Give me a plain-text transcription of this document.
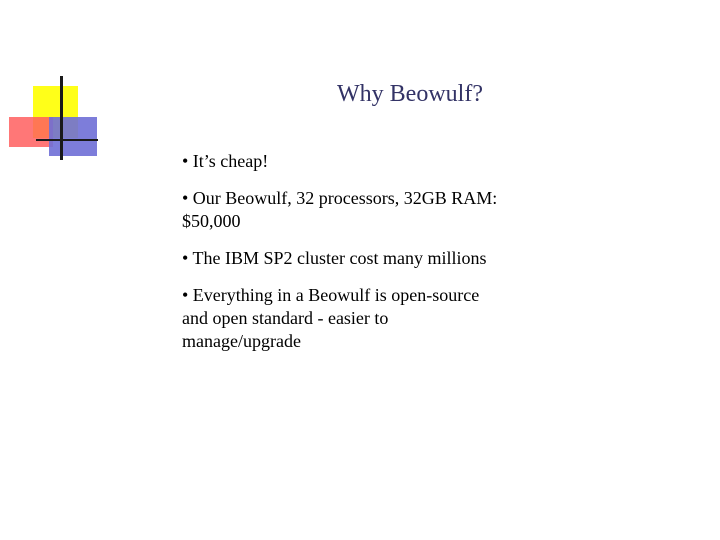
Why Beowulf?
• It’s cheap!
• Our Beowulf, 32 processors, 32GB RAM:
$50,000
• The IBM SP2 cluster cost many millions
• Everything in a Beowulf is open-source
and open standard - easier to
manage/upgrade
